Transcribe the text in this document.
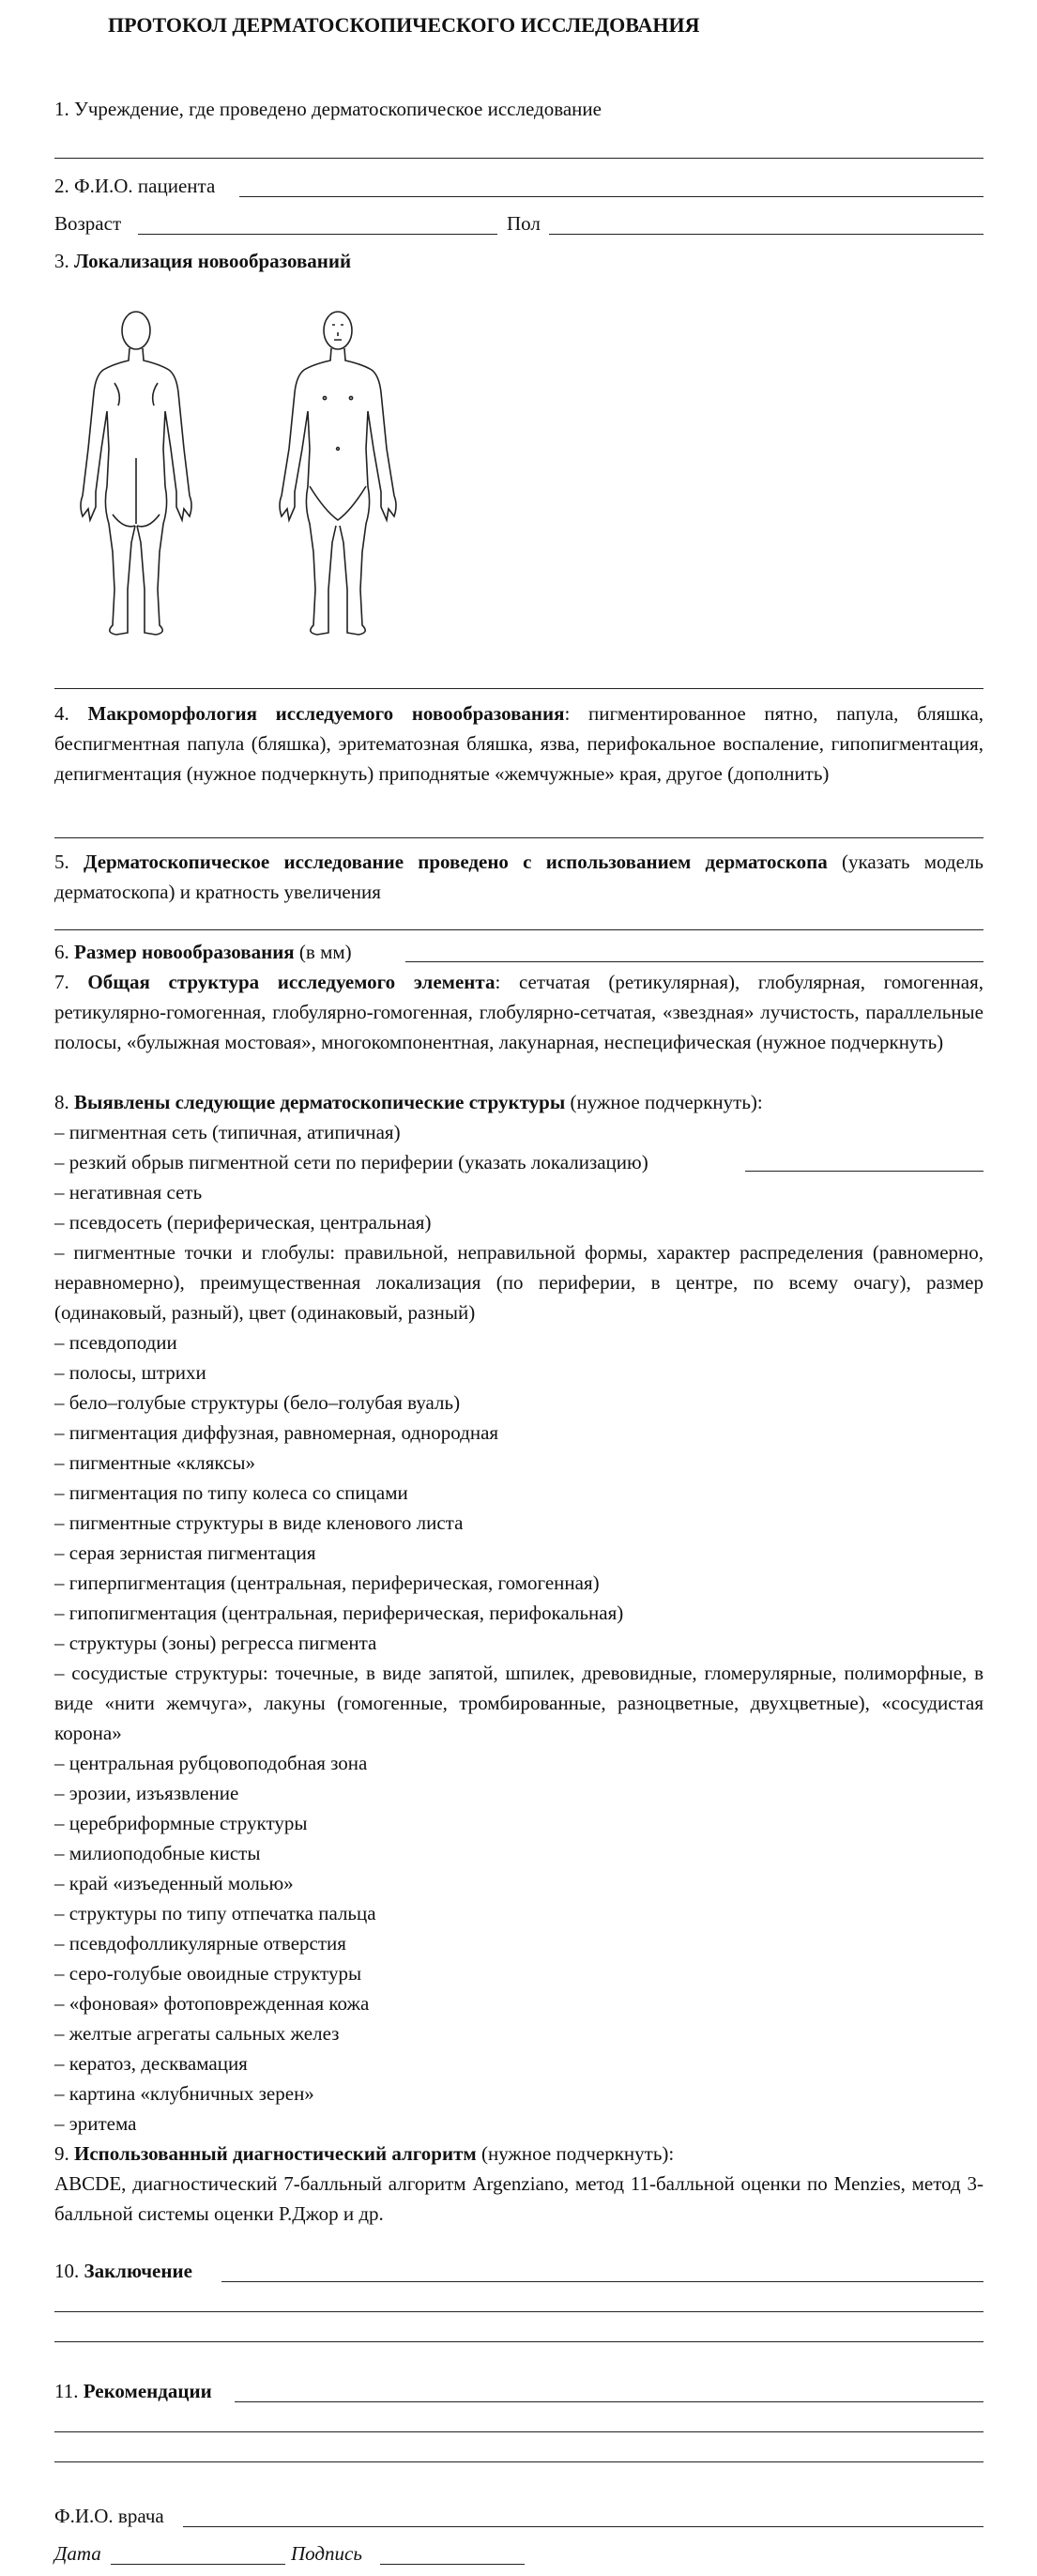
ПРОТОКОЛ ДЕРМАТОСКОПИЧЕСКОГО ИССЛЕДОВАНИЯ
1. Учреждение, где проведено дерматоскопическое исследование
2. Ф.И.О. пациента
Возраст	Пол
3. Локализация новообразований
4. Макроморфология исследуемого новообразования: пигментированное пятно, папула, бляшка, беспигментная папула (бляшка), эритематозная бляшка, язва, перифокальное воспаление, гипопигментация, депигментация (нужное подчеркнуть) приподнятые «жемчужные» края, другое (дополнить)
5. Дерматоскопическое исследование проведено с использованием дерматоскопа (указать модель дерматоскопа) и кратность увеличения
6. Размер новообразования (в мм)
7. Общая структура исследуемого элемента: сетчатая (ретикулярная), глобулярная, гомогенная, ретикулярно-гомогенная, глобулярно-гомогенная, глобулярно-сетчатая, «звездная» лучистость, параллельные полосы, «булыжная мостовая», многокомпонентная, лакунарная, неспецифическая (нужное подчеркнуть)
8. Выявлены следующие дерматоскопические структуры (нужное подчеркнуть):
– пигментная сеть (типичная, атипичная)
– резкий обрыв пигментной сети по периферии (указать локализацию)
– негативная сеть
– псевдосеть (периферическая, центральная)
– пигментные точки и глобулы: правильной, неправильной формы, характер распределения (равномерно, неравномерно), преимущественная локализация (по периферии, в центре, по всему очагу), размер (одинаковый, разный), цвет (одинаковый, разный)
– псевдоподии
– полосы, штрихи
– бело–голубые структуры (бело–голубая вуаль)
– пигментация диффузная, равномерная, однородная
– пигментные «кляксы»
– пигментация по типу колеса со спицами
– пигментные структуры в виде кленового листа
– серая зернистая пигментация
– гиперпигментация (центральная, периферическая, гомогенная)
– гипопигментация (центральная, периферическая, перифокальная)
– структуры (зоны) регресса пигмента
– сосудистые структуры: точечные, в виде запятой, шпилек, древовидные, гломерулярные, полиморфные, в виде «нити жемчуга», лакуны (гомогенные, тромбированные, разноцветные, двухцветные), «сосудистая корона»
– центральная рубцовоподобная зона
– эрозии, изъязвление
– церебриформные структуры
– милиоподобные кисты
– край «изъеденный молью»
– структуры по типу отпечатка пальца
– псевдофолликулярные отверстия
– серо-голубые овоидные структуры
– «фоновая» фотоповрежденная кожа
– желтые агрегаты сальных желез
– кератоз, десквамация
– картина «клубничных зерен»
– эритема
9. Использованный диагностический алгоритм (нужное подчеркнуть):
ABCDE, диагностический 7-балльный алгоритм Argenziano, метод 11-балльной оценки по Menzies, метод 3-балльной системы оценки Р.Джор и др.
10. Заключение
11. Рекомендации
Ф.И.О. врача
Дата	Подпись
